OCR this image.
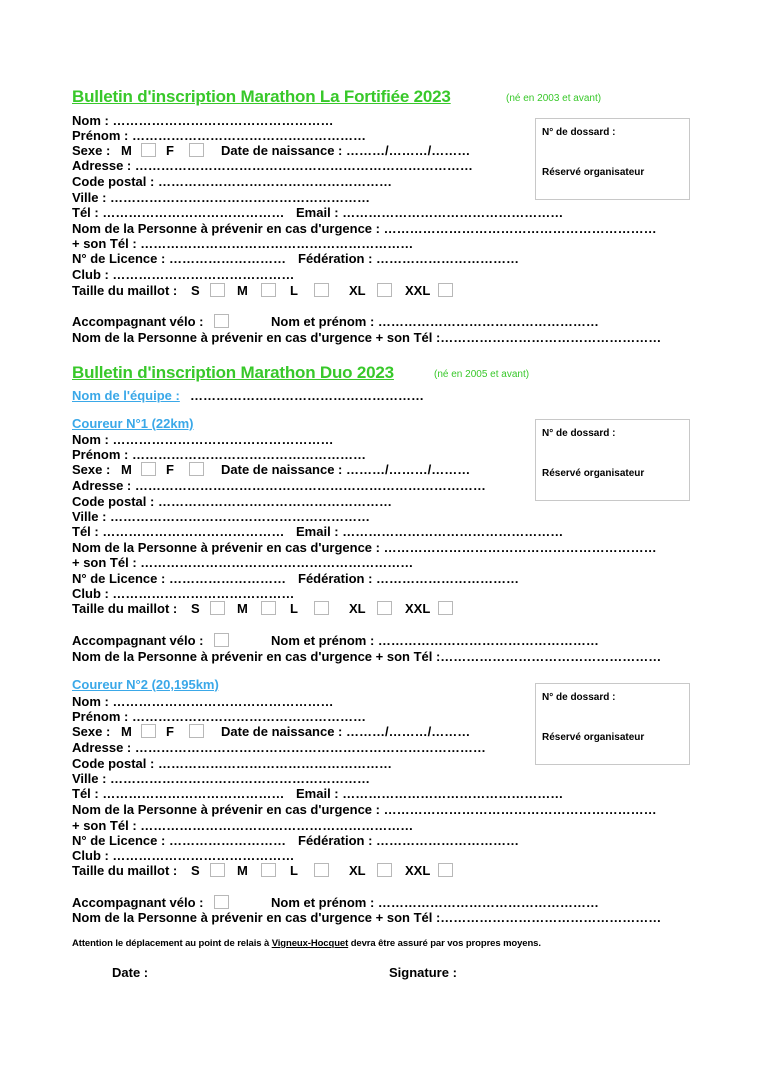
Bulletin d'inscription Marathon La Fortifiée 2023	(né en 2003 et avant)
N° de dossard :
Réservé organisateur
Nom : ……………………………………………
Prénom : ………………………………………………
Sexe : M	F	Date de naissance : ………/………/………
Adresse : ……………………………………………………………………
Code postal : ………………………………………………
Ville : ……………………………………………………
Tél : …………………………………… Email : ……………………………………………
Nom de la Personne à prévenir en cas d'urgence : ………………………………………………………
+ son Tél : ………………………………………………………
N° de Licence : ……………………… Fédération : ……………………………
Club : ……………………………………
Taille du maillot : S	M	L	XL	XXL
Accompagnant vélo :	Nom et prénom : ……………………………………………
Nom de la Personne à prévenir en cas d'urgence + son Tél :……………………………………………
Bulletin d'inscription Marathon Duo 2023	(né en 2005 et avant)
Nom de l'équipe : ………………………………………………
Coureur N°1 (22km)
N° de dossard :
Réservé organisateur
Nom : ……………………………………………
Prénom : ………………………………………………
Sexe : M	F	Date de naissance : ………/………/………
Adresse : ………………………………………………………………………
Code postal : ………………………………………………
Ville : ……………………………………………………
Tél : …………………………………… Email : ……………………………………………
Nom de la Personne à prévenir en cas d'urgence : ………………………………………………………
+ son Tél : ………………………………………………………
N° de Licence : ……………………… Fédération : ……………………………
Club : ……………………………………
Taille du maillot : S	M	L	XL	XXL
Accompagnant vélo :	Nom et prénom : ……………………………………………
Nom de la Personne à prévenir en cas d'urgence + son Tél :……………………………………………
Coureur N°2 (20,195km)
N° de dossard :
Réservé organisateur
Nom : ……………………………………………
Prénom : ………………………………………………
Sexe : M	F	Date de naissance : ………/………/………
Adresse : ………………………………………………………………………
Code postal : ………………………………………………
Ville : ……………………………………………………
Tél : …………………………………… Email : ……………………………………………
Nom de la Personne à prévenir en cas d'urgence : ………………………………………………………
+ son Tél : ………………………………………………………
N° de Licence : ……………………… Fédération : ……………………………
Club : ……………………………………
Taille du maillot : S	M	L	XL	XXL
Accompagnant vélo :	Nom et prénom : ……………………………………………
Nom de la Personne à prévenir en cas d'urgence + son Tél :……………………………………………
Attention le déplacement au point de relais à Vigneux-Hocquet devra être assuré par vos propres moyens.
Date :	Signature :
